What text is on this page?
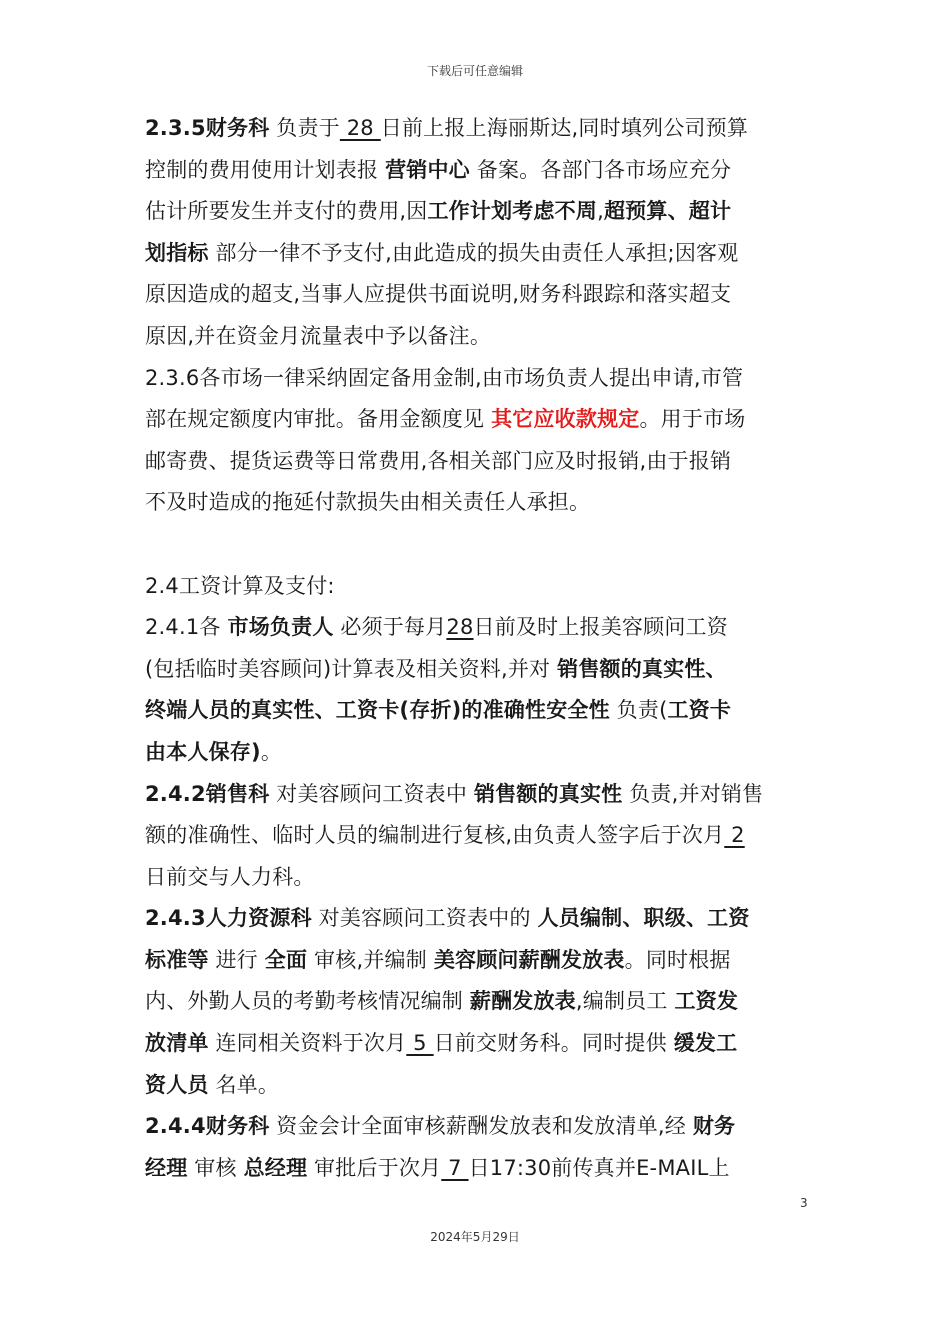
下载后可任意编辑

2.3.5财务科 负责于 28 日前上报上海丽斯达,同时填列公司预算

控制的费用使用计划表报 营销中心 备案。各部门各市场应充分

估计所要发生并支付的费用,因工作计划考虑不周,超预算、超计

划指标 部分一律不予支付,由此造成的损失由责任人承担;因客观

原因造成的超支,当事人应提供书面说明,财务科跟踪和落实超支

原因,并在资金月流量表中予以备注。

2.3.6各市场一律采纳固定备用金制,由市场负责人提出申请,市管

部在规定额度内审批。备用金额度见 其它应收款规定。用于市场

邮寄费、提货运费等日常费用,各相关部门应及时报销,由于报销

不及时造成的拖延付款损失由相关责任人承担。

2.4工资计算及支付:

2.4.1各 市场负责人 必须于每月28日前及时上报美容顾问工资

(包括临时美容顾问)计算表及相关资料,并对 销售额的真实性、

终端人员的真实性、工资卡(存折)的准确性安全性 负责(工资卡

由本人保存)。

2.4.2销售科 对美容顾问工资表中 销售额的真实性 负责,并对销售

额的准确性、临时人员的编制进行复核,由负责人签字后于次月 2

日前交与人力科。

2.4.3人力资源科 对美容顾问工资表中的 人员编制、职级、工资

标准等 进行 全面 审核,并编制 美容顾问薪酬发放表。同时根据

内、外勤人员的考勤考核情况编制 薪酬发放表,编制员工 工资发

放清单 连同相关资料于次月 5 日前交财务科。同时提供 缓发工

资人员 名单。

2.4.4财务科 资金会计全面审核薪酬发放表和发放清单,经 财务

经理 审核 总经理 审批后于次月 7 日17:30前传真并E-MAIL上

3
2024年5月29日
